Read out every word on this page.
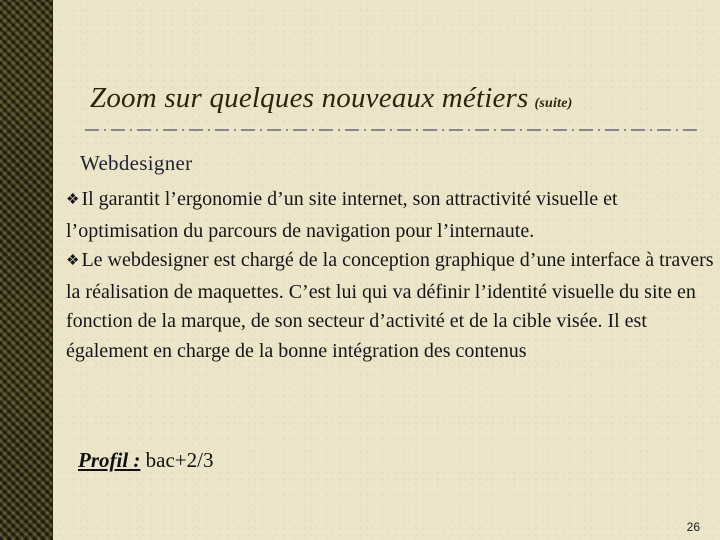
Zoom sur quelques nouveaux métiers (suite)
Webdesigner

❖ Il garantit l’ergonomie d’un site internet, son attractivité visuelle et l’optimisation du parcours de navigation pour l’internaute.

❖ Le webdesigner est chargé de la conception graphique d’une interface à travers la réalisation de maquettes. C’est lui qui va définir l’identité visuelle du site en fonction de la marque, de son secteur d’activité et de la cible visée. Il est également en charge de la bonne intégration des contenus

Profil : bac+2/3
26
